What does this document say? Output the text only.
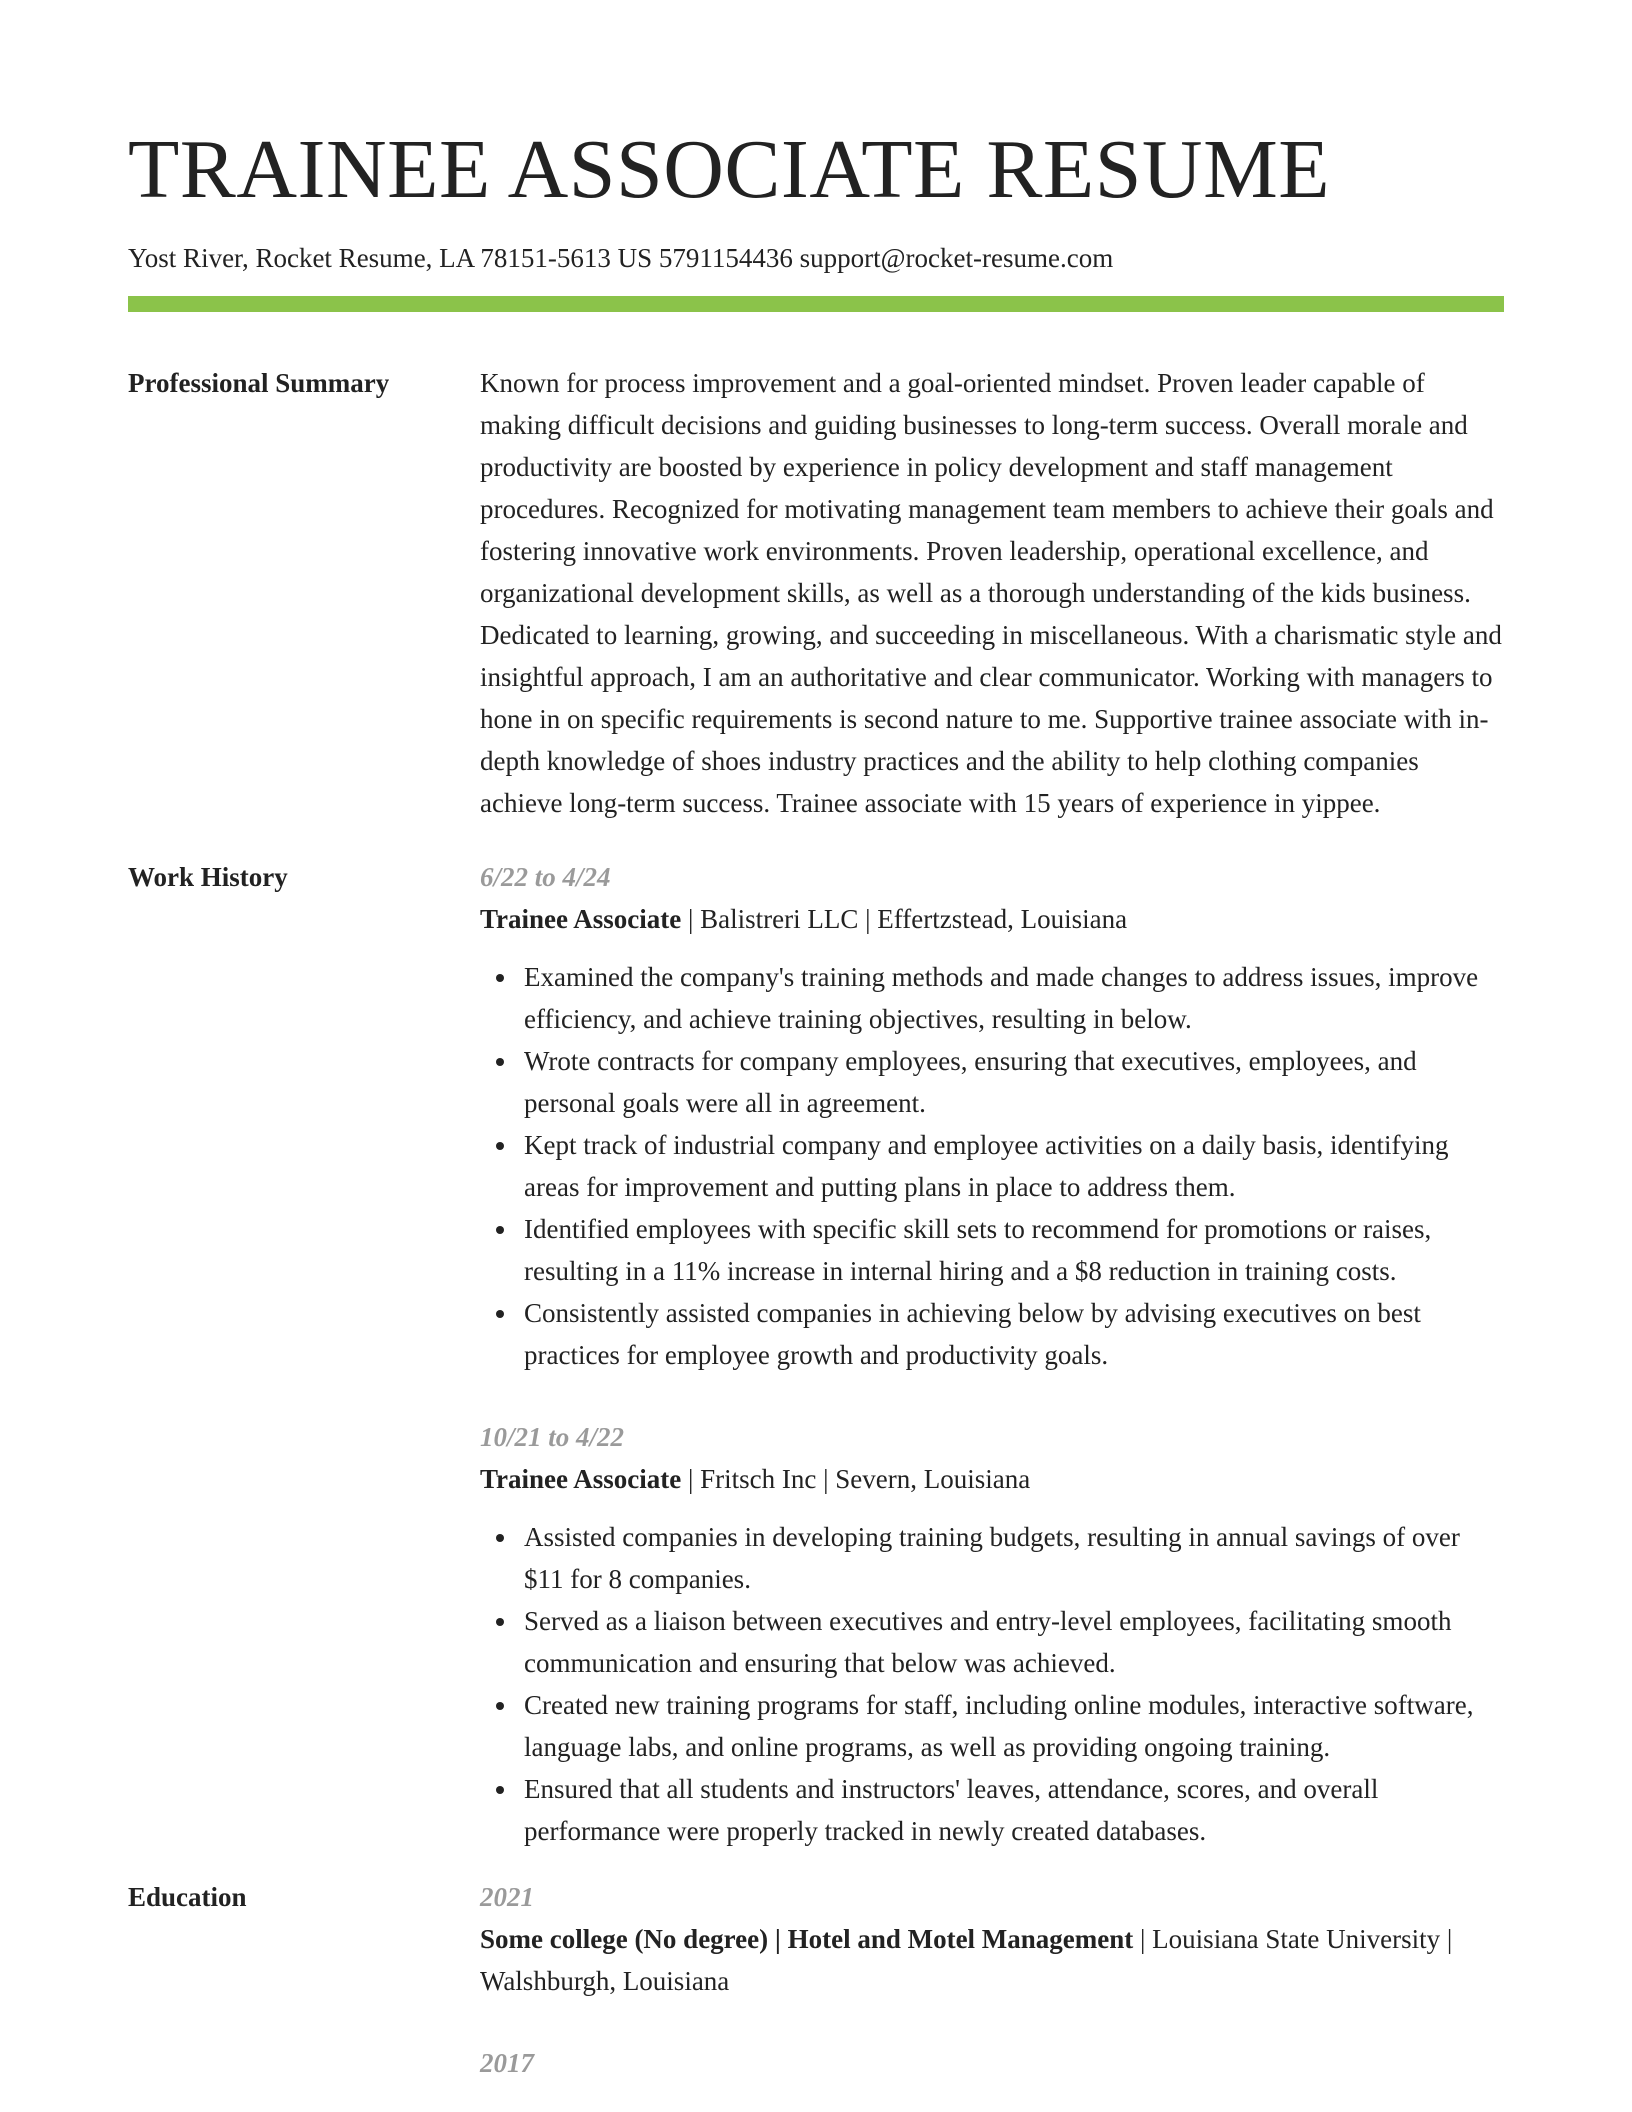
TRAINEE ASSOCIATE RESUME
Yost River, Rocket Resume, LA 78151-5613 US 5791154436 support@rocket-resume.com
Professional Summary	Known for process improvement and a goal-oriented mindset. Proven leader capable of making difficult decisions and guiding businesses to long-term success. Overall morale and productivity are boosted by experience in policy development and staff management procedures. Recognized for motivating management team members to achieve their goals and fostering innovative work environments. Proven leadership, operational excellence, and organizational development skills, as well as a thorough understanding of the kids business. Dedicated to learning, growing, and succeeding in miscellaneous. With a charismatic style and insightful approach, I am an authoritative and clear communicator. Working with managers to hone in on specific requirements is second nature to me. Supportive trainee associate with in-depth knowledge of shoes industry practices and the ability to help clothing companies achieve long-term success. Trainee associate with 15 years of experience in yippee.

Work History	6/22 to 4/24
Trainee Associate | Balistreri LLC | Effertzstead, Louisiana
Examined the company's training methods and made changes to address issues, improve efficiency, and achieve training objectives, resulting in below.
Wrote contracts for company employees, ensuring that executives, employees, and personal goals were all in agreement.
Kept track of industrial company and employee activities on a daily basis, identifying areas for improvement and putting plans in place to address them.
Identified employees with specific skill sets to recommend for promotions or raises, resulting in a 11% increase in internal hiring and a $8 reduction in training costs.
Consistently assisted companies in achieving below by advising executives on best practices for employee growth and productivity goals.
10/21 to 4/22
Trainee Associate | Fritsch Inc | Severn, Louisiana
Assisted companies in developing training budgets, resulting in annual savings of over $11 for 8 companies.
Served as a liaison between executives and entry-level employees, facilitating smooth communication and ensuring that below was achieved.
Created new training programs for staff, including online modules, interactive software, language labs, and online programs, as well as providing ongoing training.
Ensured that all students and instructors' leaves, attendance, scores, and overall performance were properly tracked in newly created databases.
Education	2021
Some college (No degree) | Hotel and Motel Management | Louisiana State University | Walshburgh, Louisiana
2017
